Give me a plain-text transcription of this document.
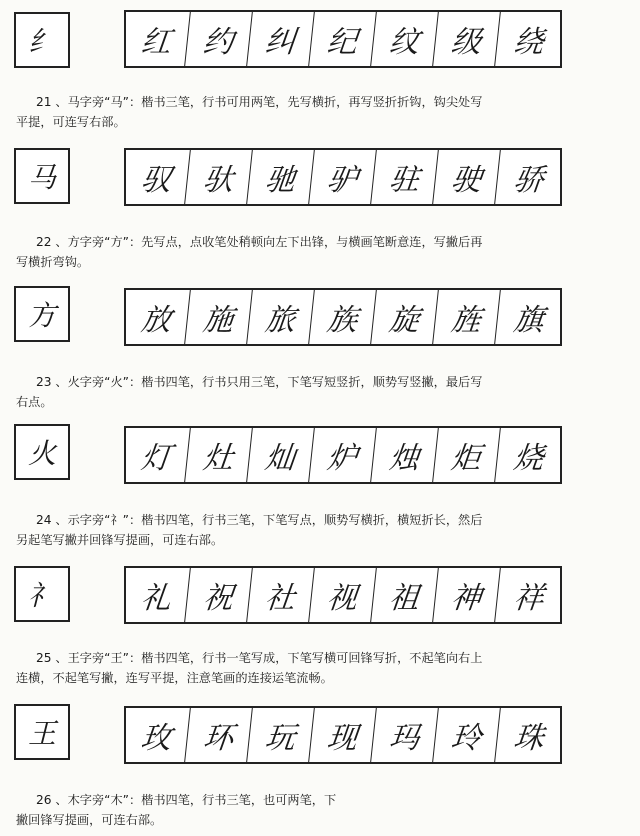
纟	红 约 纠 纪 纹 级 绕
21 、马字旁“马”：楷书三笔，行书可用两笔，先写横折，再写竖折折钩，钩尖处写
平提，可连写右部。
马	驭 驮 驰 驴 驻 驶 骄
22 、方字旁“方”：先写点，点收笔处稍顿向左下出锋，与横画笔断意连，写撇后再
写横折弯钩。
方	放 施 旅 族 旋 旌 旗
23 、火字旁“火”：楷书四笔，行书只用三笔，下笔写短竖折，顺势写竖撇，最后写
右点。
火	灯 灶 灿 炉 烛 炬 烧
24 、示字旁“礻”：楷书四笔，行书三笔，下笔写点，顺势写横折，横短折长，然后
另起笔写撇并回锋写提画，可连右部。
礻	礼 祝 社 视 祖 神 祥
25 、王字旁“王”：楷书四笔，行书一笔写成，下笔写横可回锋写折，不起笔向右上
连横，不起笔写撇，连写平提，注意笔画的连接运笔流畅。
王	玫 环 玩 现 玛 玲 珠
26 、木字旁“木”：楷书四笔，行书三笔，也可两笔，下
撇回锋写提画，可连右部。
